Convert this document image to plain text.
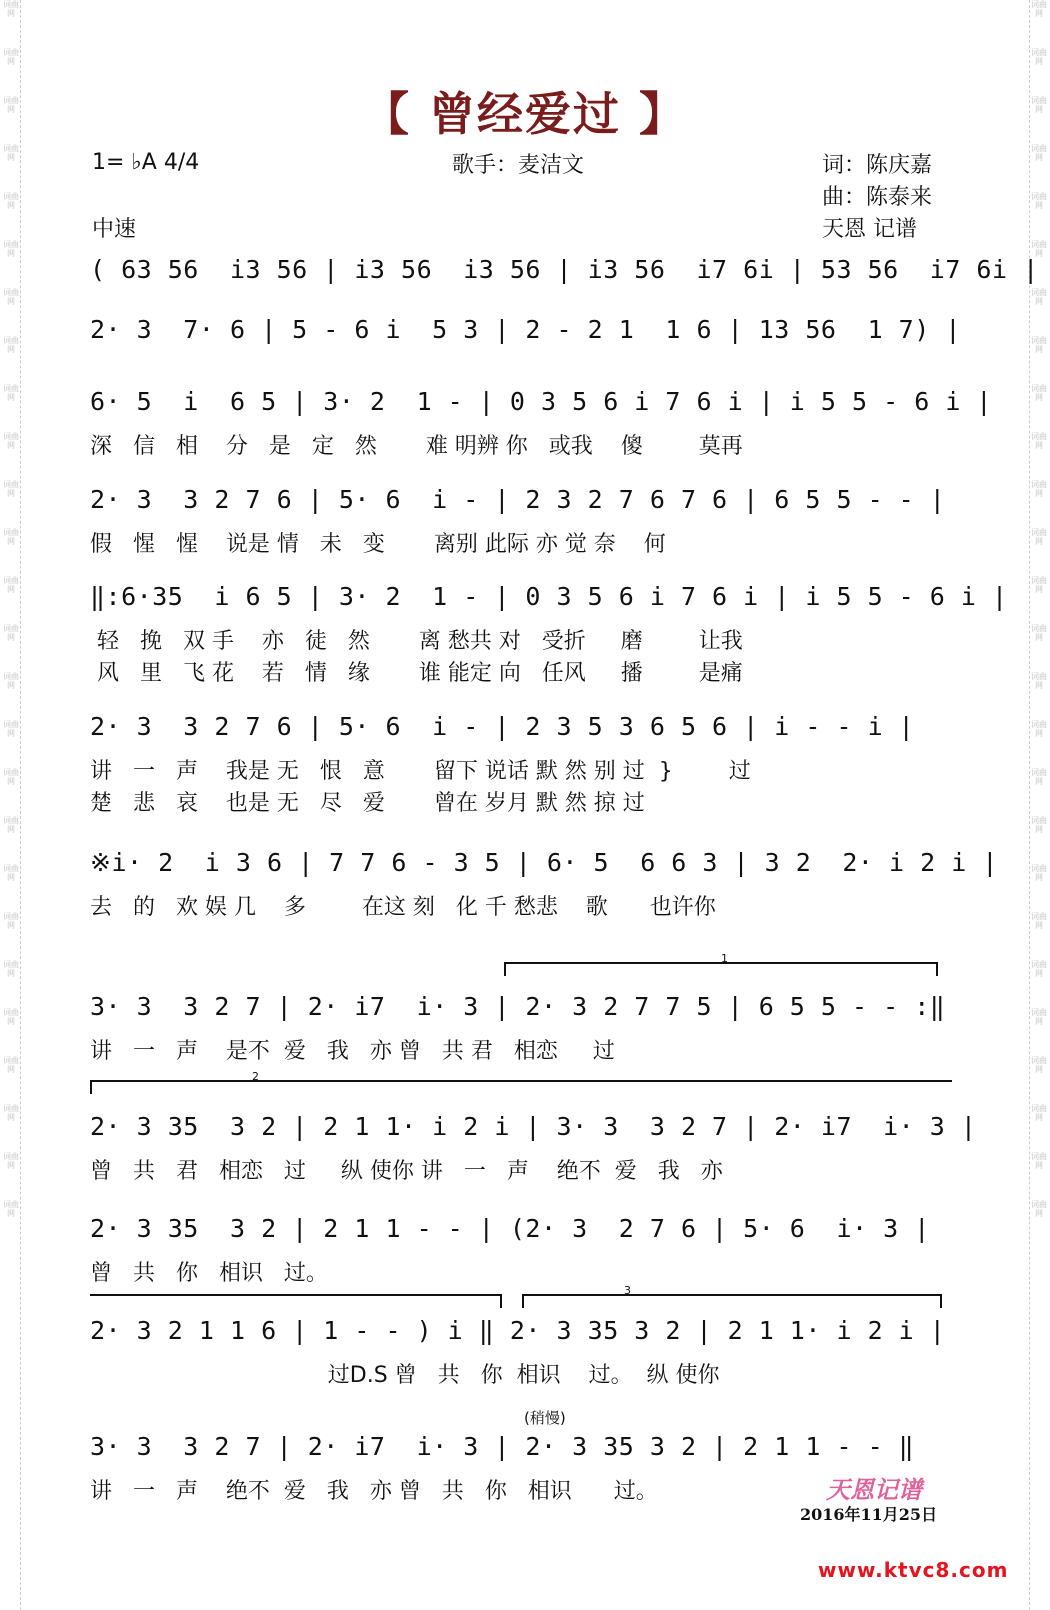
词曲网
词曲网
词曲网
词曲网
词曲网
词曲网
词曲网
词曲网
词曲网
词曲网
词曲网
词曲网
词曲网
词曲网
词曲网
词曲网
词曲网
词曲网
词曲网
词曲网
词曲网
词曲网
词曲网
词曲网
词曲网
词曲网
词曲网
词曲网
词曲网
词曲网
词曲网
词曲网
词曲网
词曲网
词曲网
词曲网
词曲网
词曲网
词曲网
词曲网
词曲网
词曲网
词曲网
词曲网
词曲网
词曲网
词曲网
词曲网
词曲网
词曲网
词曲网
词曲网
【 曾经爱过 】
1= ♭A 4/4
中速
歌手：麦洁文	词：陈庆嘉
曲：陈泰来
天恩 记谱
( 63 56  i3 56 | i3 56  i3 56 | i3 56  i7 6i | 53 56  i7 6i |
2· 3  7· 6 | 5 - 6 i  5 3 | 2 - 2 1  1 6 | 13 56  1 7) |
6· 5  i  6 5 | 3· 2  1 - | 0 3 5 6 i 7 6 i | i 5 5 - 6 i |
深   信   相    分   是   定   然       难 明辨 你   或我    傻        莫再
2· 3  3 2 7 6 | 5· 6  i - | 2 3 2 7 6 7 6 | 6 5 5 - - |
假   惺   惺    说是 情   未   变       离别 此际 亦 觉 奈    何
‖:6·35  i 6 5 | 3· 2  1 - | 0 3 5 6 i 7 6 i | i 5 5 - 6 i |
轻   挽   双 手    亦   徒   然       离 愁共 对   受折     磨        让我
风   里   飞 花    若   情   缘       谁 能定 向   任风     播        是痛
2· 3  3 2 7 6 | 5· 6  i - | 2 3 5 3 6 5 6 | i - - i |
讲   一   声    我是 无   恨   意       留下 说话 默 然 别 过  }        过
楚   悲   哀    也是 无   尽   爱       曾在 岁月 默 然 掠 过
※i· 2  i 3 6 | 7 7 6 - 3 5 | 6· 5  6 6 3 | 3 2  2· i 2 i |
去   的   欢 娱 几    多        在这 刻   化 千 愁悲    歌      也许你
1
3· 3  3 2 7 | 2· i7  i· 3 | 2· 3 2 7 7 5 | 6 5 5 - - :‖
讲   一   声    是不  爱   我   亦 曾   共 君   相恋     过
2
2· 3 35  3 2 | 2 1 1· i 2 i | 3· 3  3 2 7 | 2· i7  i· 3 |
曾   共   君   相恋   过     纵 使你 讲   一   声    绝不  爱   我   亦
2· 3 35  3 2 | 2 1 1 - - | (2· 3  2 7 6 | 5· 6  i· 3 |
曾   共   你   相识   过。
3
2· 3 2 1 1 6 | 1 - - ) i ‖ 2· 3 35 3 2 | 2 1 1· i 2 i |
过D.S 曾   共   你  相识    过。  纵 使你
(稍慢)
3· 3  3 2 7 | 2· i7  i· 3 | 2· 3 35 3 2 | 2 1 1 - - ‖
讲   一   声    绝不  爱   我   亦 曾   共   你   相识      过。	天恩记谱
2016年11月25日
www.ktvc8.com
